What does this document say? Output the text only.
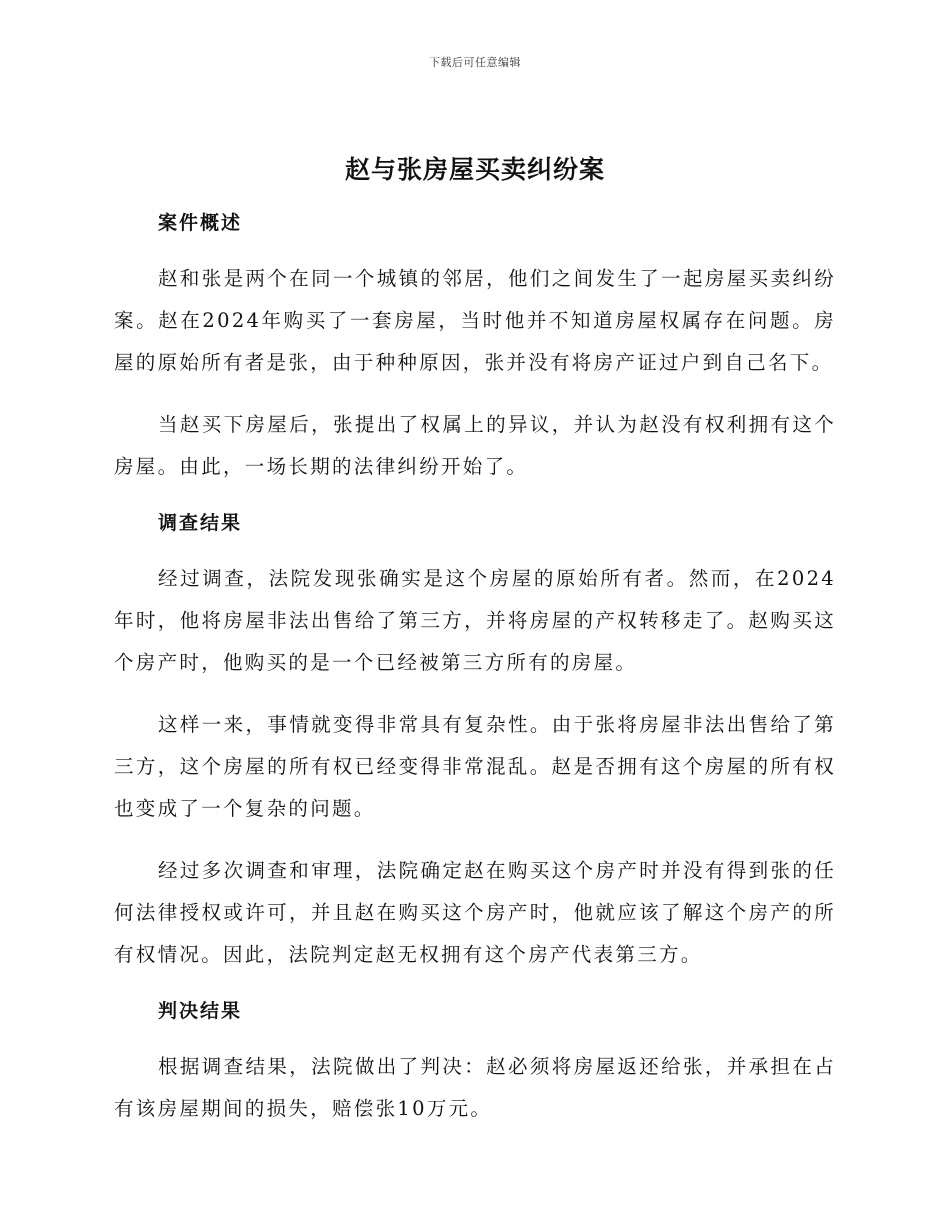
下载后可任意编辑
赵与张房屋买卖纠纷案
案件概述

赵和张是两个在同一个城镇的邻居，他们之间发生了一起房屋买卖纠纷案。赵在2024年购买了一套房屋，当时他并不知道房屋权属存在问题。房屋的原始所有者是张，由于种种原因，张并没有将房产证过户到自己名下。

当赵买下房屋后，张提出了权属上的异议，并认为赵没有权利拥有这个房屋。由此，一场长期的法律纠纷开始了。

调查结果

经过调查，法院发现张确实是这个房屋的原始所有者。然而，在2024年时，他将房屋非法出售给了第三方，并将房屋的产权转移走了。赵购买这个房产时，他购买的是一个已经被第三方所有的房屋。

这样一来，事情就变得非常具有复杂性。由于张将房屋非法出售给了第三方，这个房屋的所有权已经变得非常混乱。赵是否拥有这个房屋的所有权也变成了一个复杂的问题。

经过多次调查和审理，法院确定赵在购买这个房产时并没有得到张的任何法律授权或许可，并且赵在购买这个房产时，他就应该了解这个房产的所有权情况。因此，法院判定赵无权拥有这个房产代表第三方。

判决结果

根据调查结果，法院做出了判决：赵必须将房屋返还给张，并承担在占有该房屋期间的损失，赔偿张10万元。
